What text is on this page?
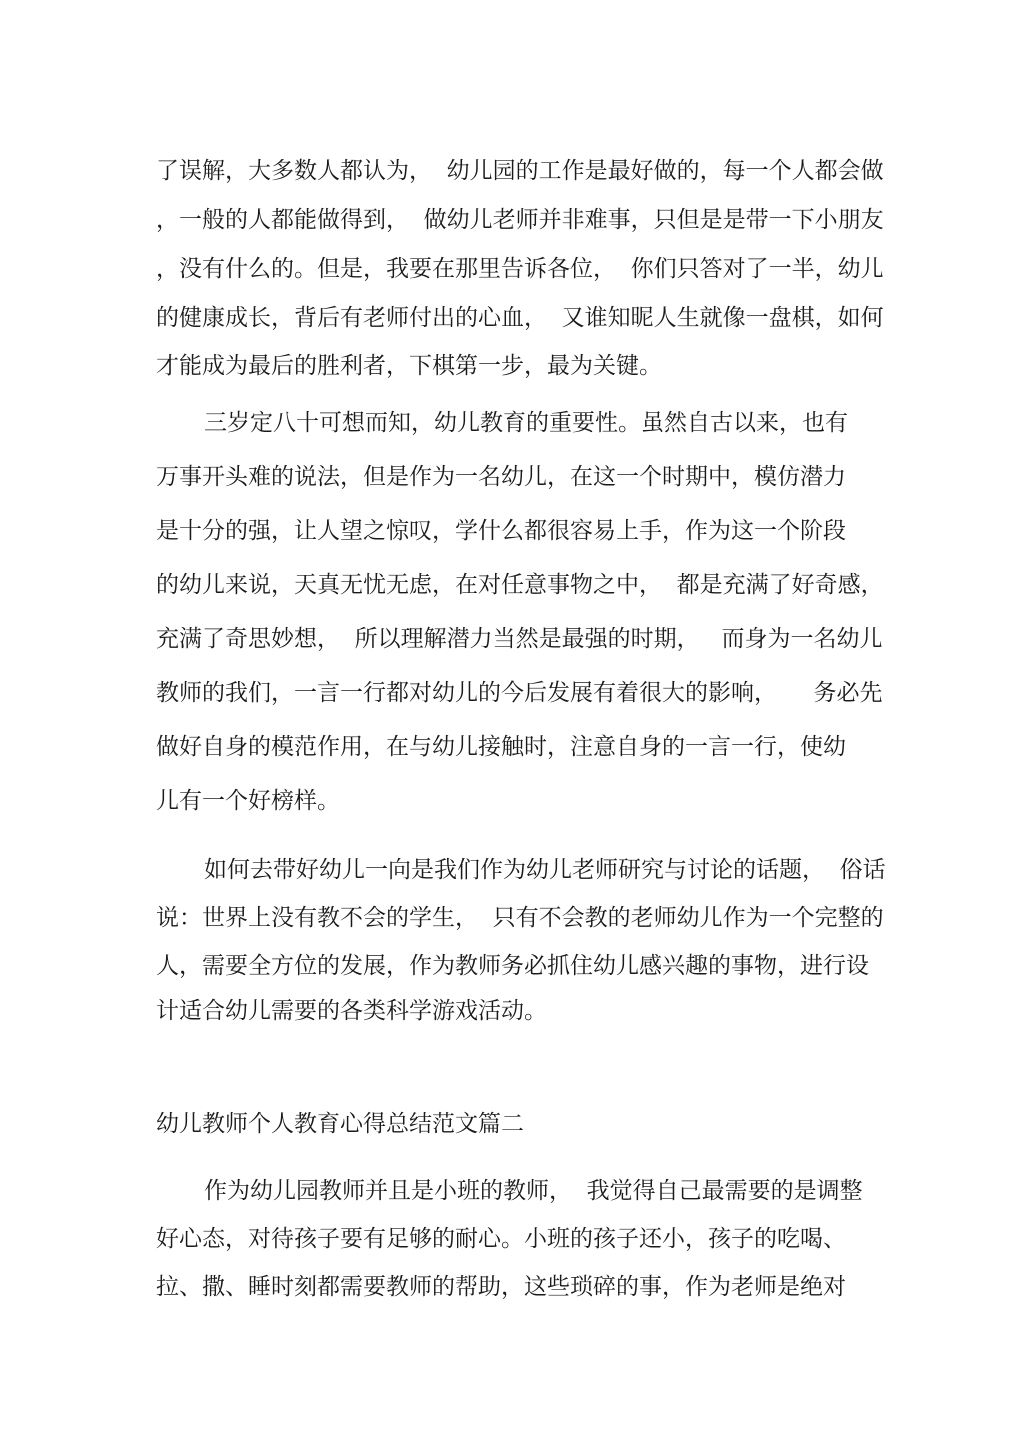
了误解，大多数人都认为，  幼儿园的工作是最好做的，每一个人都会做
，一般的人都能做得到，  做幼儿老师并非难事，只但是是带一下小朋友
，没有什么的。但是，我要在那里告诉各位，  你们只答对了一半，幼儿
的健康成长，背后有老师付出的心血，  又谁知昵人生就像一盘棋，如何
才能成为最后的胜利者，下棋第一步，最为关键。
三岁定八十可想而知，幼儿教育的重要性。虽然自古以来，也有
万事开头难的说法，但是作为一名幼儿，在这一个时期中，模仿潜力
是十分的强，让人望之惊叹，学什么都很容易上手，作为这一个阶段
的幼儿来说，天真无忧无虑，在对任意事物之中，  都是充满了好奇感，
充满了奇思妙想，  所以理解潜力当然是最强的时期，   而身为一名幼儿
教师的我们，一言一行都对幼儿的今后发展有着很大的影响，     务必先
做好自身的模范作用，在与幼儿接触时，注意自身的一言一行，使幼
儿有一个好榜样。
如何去带好幼儿一向是我们作为幼儿老师研究与讨论的话题，  俗话
说：世界上没有教不会的学生，  只有不会教的老师幼儿作为一个完整的
人，需要全方位的发展，作为教师务必抓住幼儿感兴趣的事物，进行设
计适合幼儿需要的各类科学游戏活动。
幼儿教师个人教育心得总结范文篇二
作为幼儿园教师并且是小班的教师，  我觉得自己最需要的是调整
好心态，对待孩子要有足够的耐心。小班的孩子还小，孩子的吃喝、
拉、撒、睡时刻都需要教师的帮助，这些琐碎的事，作为老师是绝对
